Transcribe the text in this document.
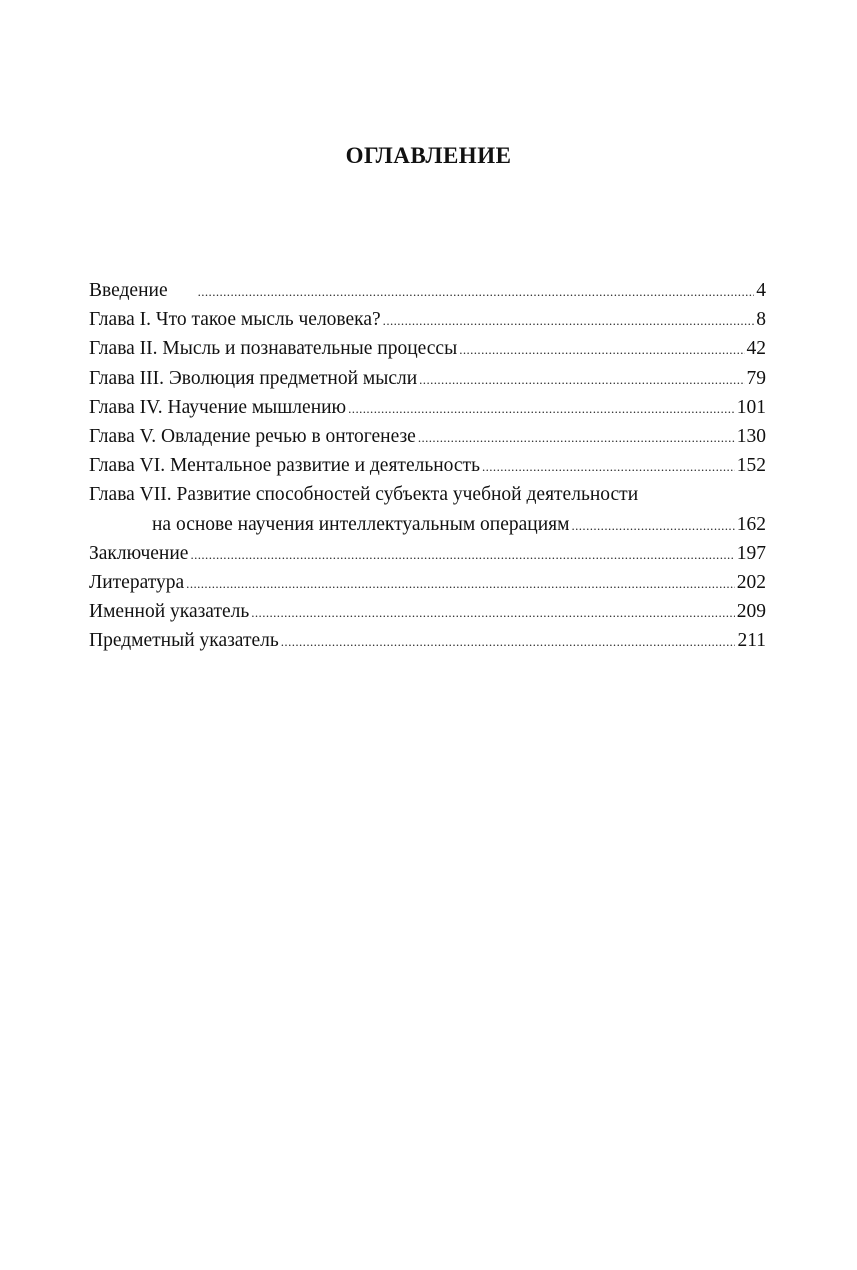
ОГЛАВЛЕНИЕ
Введение .....	4
Глава I. Что такое мысль человека? .....	8
Глава II. Мысль и познавательные процессы .....	42
Глава III. Эволюция предметной мысли .....	79
Глава IV. Научение мышлению .....	101
Глава V. Овладение речью в онтогенезе .....	130
Глава VI. Ментальное развитие и деятельность .....	152
Глава VII. Развитие способностей субъекта учебной деятельности
на основе научения интеллектуальным операциям .....	162
Заключение .....	197
Литература .....	202
Именной указатель .....	209
Предметный указатель .....	211
